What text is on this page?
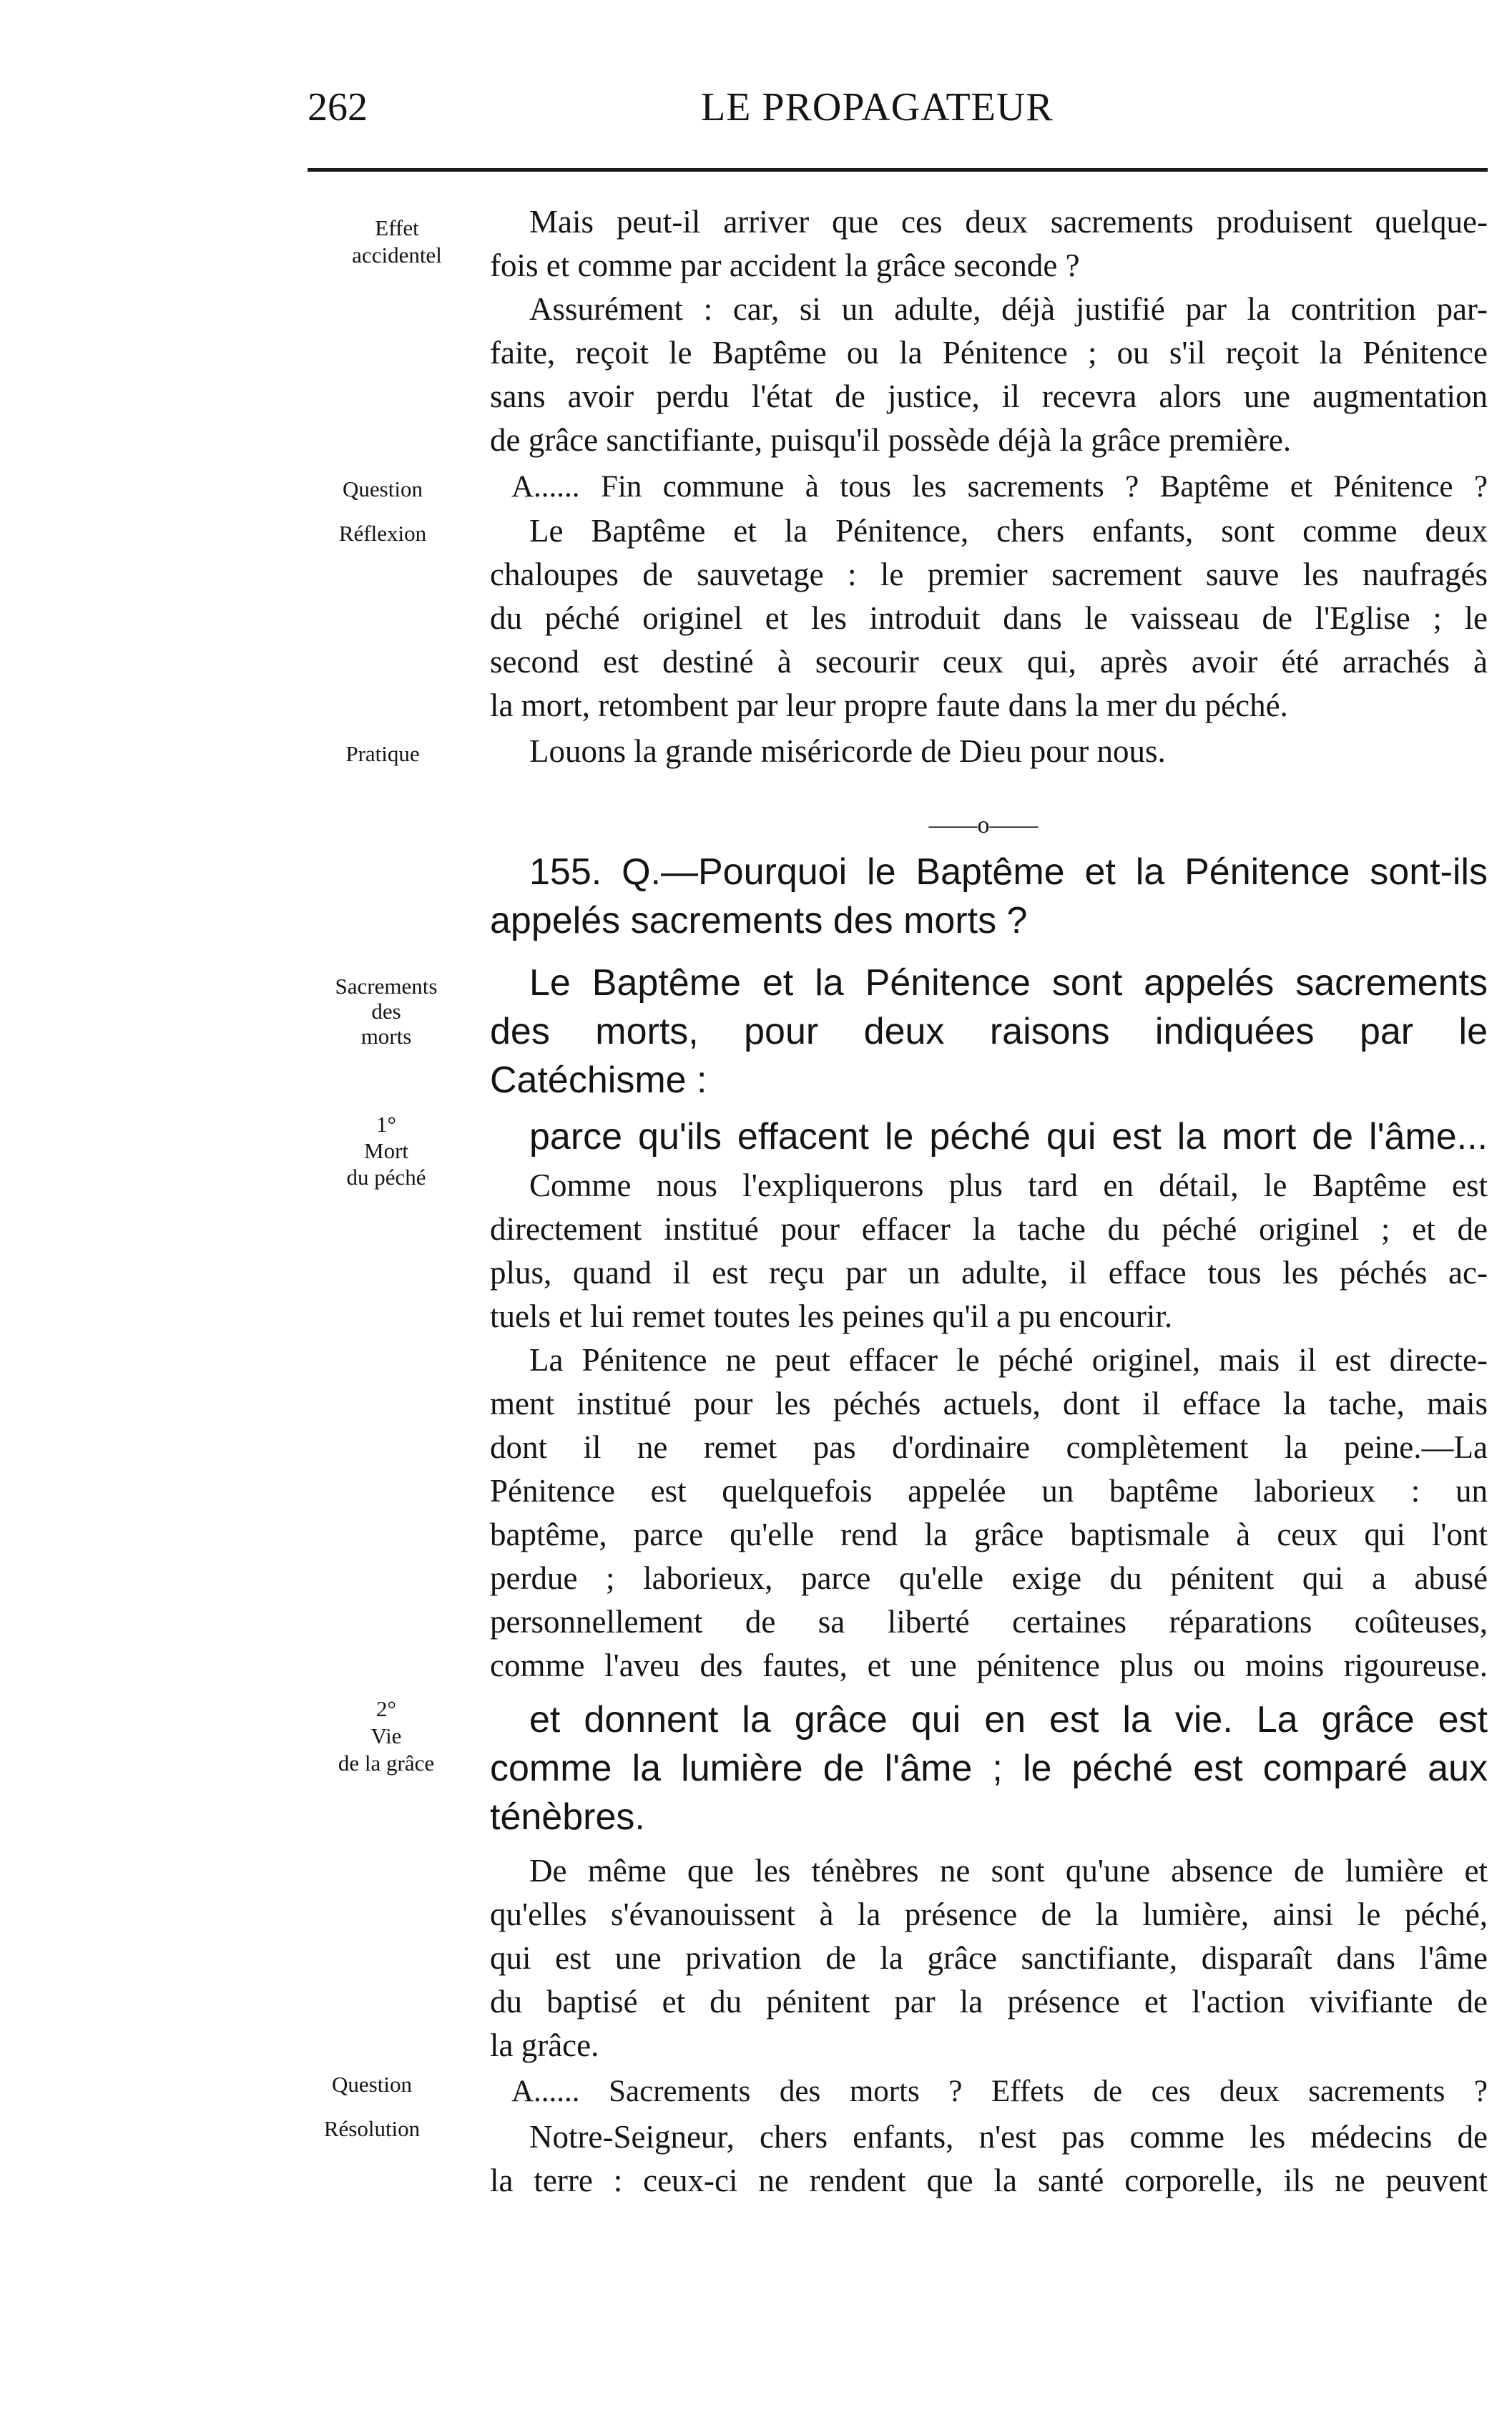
262	LE PROPAGATEUR
Effet
accidentel
Question
Réflexion
Pratique
Sacrements
des
morts
1°
Mort
du péché
2°
Vie
de la grâce
Question
Résolution
Mais peut-il arriver que ces deux sacrements produisent quelque-
fois et comme par accident la grâce seconde ?
Assurément : car, si un adulte, déjà justifié par la contrition par-
faite, reçoit le Baptême ou la Pénitence ; ou s'il reçoit la Pénitence
sans avoir perdu l'état de justice, il recevra alors une augmentation
de grâce sanctifiante, puisqu'il possède déjà la grâce première.
A...... Fin commune à tous les sacrements ? Baptême et Pénitence ?
Le Baptême et la Pénitence, chers enfants, sont comme deux
chaloupes de sauvetage : le premier sacrement sauve les naufragés
du péché originel et les introduit dans le vaisseau de l'Eglise ; le
second est destiné à secourir ceux qui, après avoir été arrachés à
la mort, retombent par leur propre faute dans la mer du péché.
Louons la grande miséricorde de Dieu pour nous.
——o——
155. Q.—Pourquoi le Baptême et la Pénitence sont-ils
appelés sacrements des morts ?
Le Baptême et la Pénitence sont appelés sacrements
des morts, pour deux raisons indiquées par le
Catéchisme :
parce qu'ils effacent le péché qui est la mort de l'âme...
Comme nous l'expliquerons plus tard en détail, le Baptême est
directement institué pour effacer la tache du péché originel ; et de
plus, quand il est reçu par un adulte, il efface tous les péchés ac-
tuels et lui remet toutes les peines qu'il a pu encourir.
La Pénitence ne peut effacer le péché originel, mais il est directe-
ment institué pour les péchés actuels, dont il efface la tache, mais
dont il ne remet pas d'ordinaire complètement la peine.—La
Pénitence est quelquefois appelée un baptême laborieux : un
baptême, parce qu'elle rend la grâce baptismale à ceux qui l'ont
perdue ; laborieux, parce qu'elle exige du pénitent qui a abusé
personnellement de sa liberté certaines réparations coûteuses,
comme l'aveu des fautes, et une pénitence plus ou moins rigoureuse.
et donnent la grâce qui en est la vie. La grâce est
comme la lumière de l'âme ; le péché est comparé aux
ténèbres.
De même que les ténèbres ne sont qu'une absence de lumière et
qu'elles s'évanouissent à la présence de la lumière, ainsi le péché,
qui est une privation de la grâce sanctifiante, disparaît dans l'âme
du baptisé et du pénitent par la présence et l'action vivifiante de
la grâce.
A...... Sacrements des morts ? Effets de ces deux sacrements ?
Notre-Seigneur, chers enfants, n'est pas comme les médecins de
la terre : ceux-ci ne rendent que la santé corporelle, ils ne peuvent
